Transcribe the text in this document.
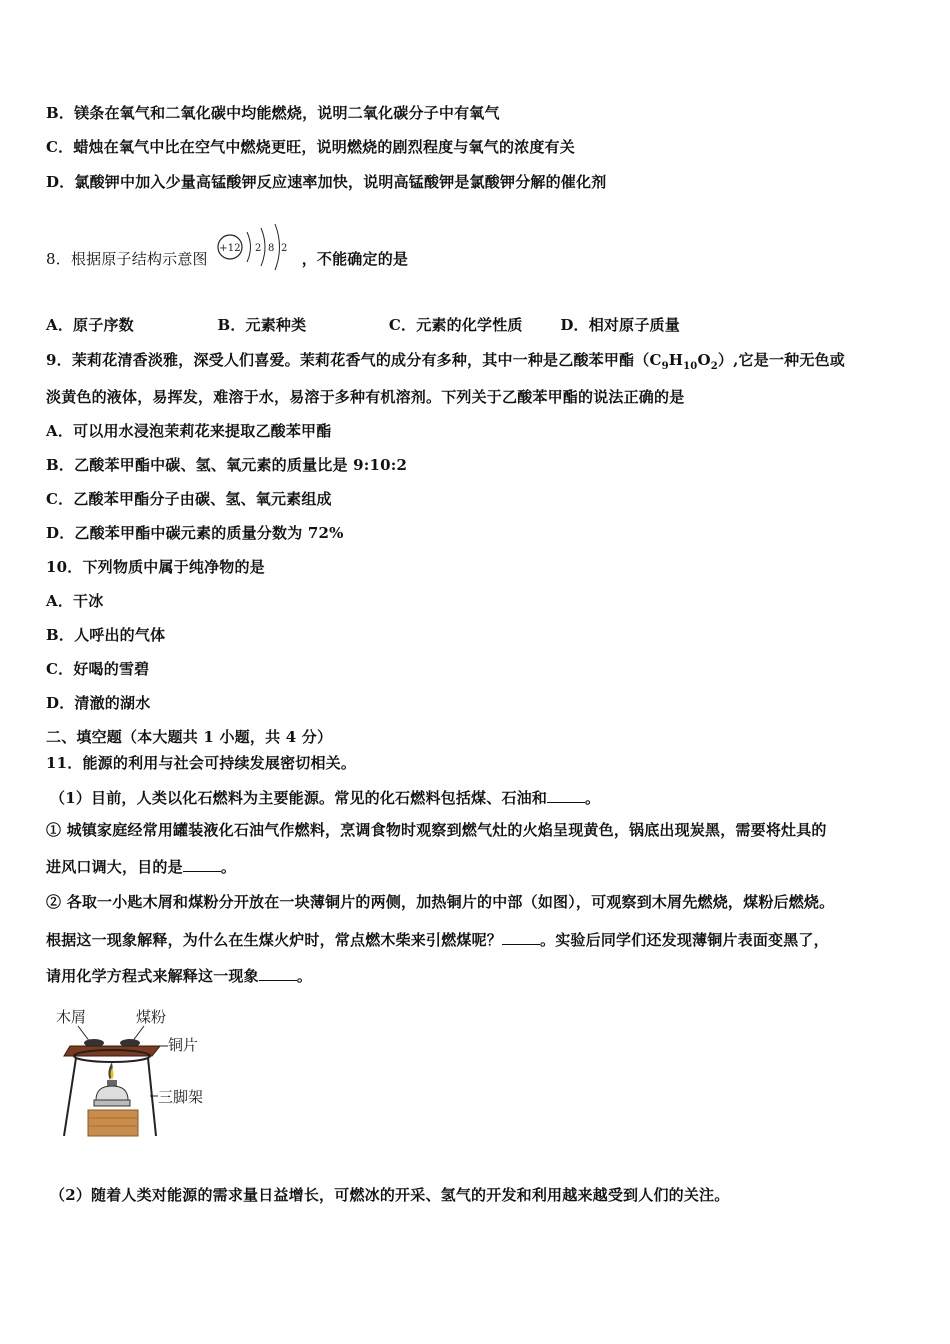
B．镁条在氧气和二氧化碳中均能燃烧，说明二氧化碳分子中有氧气
C．蜡烛在氧气中比在空气中燃烧更旺，说明燃烧的剧烈程度与氧气的浓度有关
D．氯酸钾中加入少量高锰酸钾反应速率加快，说明高锰酸钾是氯酸钾分解的催化剂
8．根据原子结构示意图
+12 2 8 2
，不能确定的是
A．原子序数	B．元素种类	C．元素的化学性质	D．相对原子质量
9．茉莉花清香淡雅，深受人们喜爱。茉莉花香气的成分有多种，其中一种是乙酸苯甲酯$(C_9H_{10}O_2)$,它是一种无色或
淡黄色的液体，易挥发，难溶于水，易溶于多种有机溶剂。下列关于乙酸苯甲酯的说法正确的是
A．可以用水浸泡茉莉花来提取乙酸苯甲酯
B．乙酸苯甲酯中碳、氢、氧元素的质量比是 9:10:2
C．乙酸苯甲酯分子由碳、氢、氧元素组成
D．乙酸苯甲酯中碳元素的质量分数为 72%
10．下列物质中属于纯净物的是
A．干冰
B．人呼出的气体
C．好喝的雪碧
D．清澈的湖水
二、填空题（本大题共 1 小题，共 4 分）
11．能源的利用与社会可持续发展密切相关。
（1）目前，人类以化石燃料为主要能源。常见的化石燃料包括煤、石油和	。
① 城镇家庭经常用罐装液化石油气作燃料，烹调食物时观察到燃气灶的火焰呈现黄色，锅底出现炭黑，需要将灶具的
进风口调大，目的是	。
② 各取一小匙木屑和煤粉分开放在一块薄铜片的两侧，加热铜片的中部（如图），可观察到木屑先燃烧，煤粉后燃烧。
根据这一现象解释，为什么在生煤火炉时，常点燃木柴来引燃煤呢？	。实验后同学们还发现薄铜片表面变黑了，
请用化学方程式来解释这一现象	。
木屑	煤粉
铜片
三脚架
（2）随着人类对能源的需求量日益增长，可燃冰的开采、氢气的开发和利用越来越受到人们的关注。
